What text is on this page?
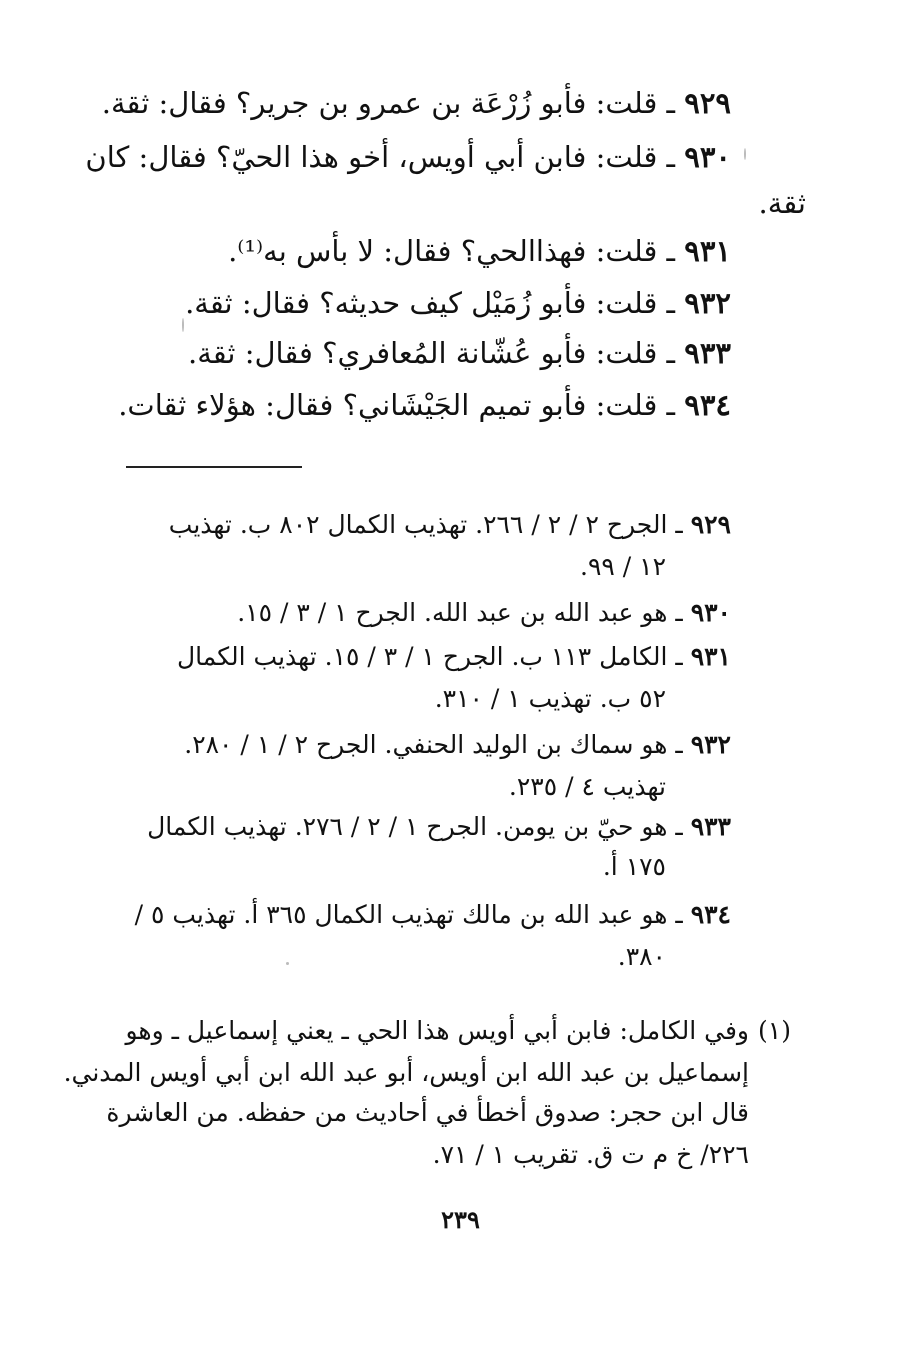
٩٢٩ ـ قلت: فأبو زُرْعَة بن عمرو بن جرير؟ فقال: ثقة.
٩٣٠ ـ قلت: فابن أبي أويس، أخو هذا الحيّ؟ فقال: كان
ثقة.
٩٣١ ـ قلت: فهذاالحي؟ فقال: لا بأس به⁽¹⁾.
٩٣٢ ـ قلت: فأبو زُمَيْل كيف حديثه؟ فقال: ثقة.
٩٣٣ ـ قلت: فأبو عُشّانة المُعافري؟ فقال: ثقة.
٩٣٤ ـ قلت: فأبو تميم الجَيْشَاني؟ فقال: هؤلاء ثقات.
٩٢٩ ـ الجرح ٢ / ٢ / ٢٦٦. تهذيب الكمال ٨٠٢ ب. تهذيب
١٢ / ٩٩.
٩٣٠ ـ هو عبد الله بن عبد الله. الجرح ١ / ٣ / ١٥.
٩٣١ ـ الكامل ١١٣ ب. الجرح ١ / ٣ / ١٥. تهذيب الكمال
٥٢ ب. تهذيب ١ / ٣١٠.
٩٣٢ ـ هو سماك بن الوليد الحنفي. الجرح ٢ / ١ / ٢٨٠.
تهذيب ٤ / ٢٣٥.
٩٣٣ ـ هو حيّ بن يومن. الجرح ١ / ٢ / ٢٧٦. تهذيب الكمال
١٧٥ أ.
٩٣٤ ـ هو عبد الله بن مالك تهذيب الكمال ٣٦٥ أ. تهذيب ٥ /
٣٨٠.
(١)
وفي الكامل: فابن أبي أويس هذا الحي ـ يعني إسماعيل ـ وهو
إسماعيل بن عبد الله ابن أويس، أبو عبد الله ابن أبي أويس المدني.
قال ابن حجر: صدوق أخطأ في أحاديث من حفظه. من العاشرة
٢٢٦/ خ م ت ق. تقريب ١ / ٧١.
٢٣٩
